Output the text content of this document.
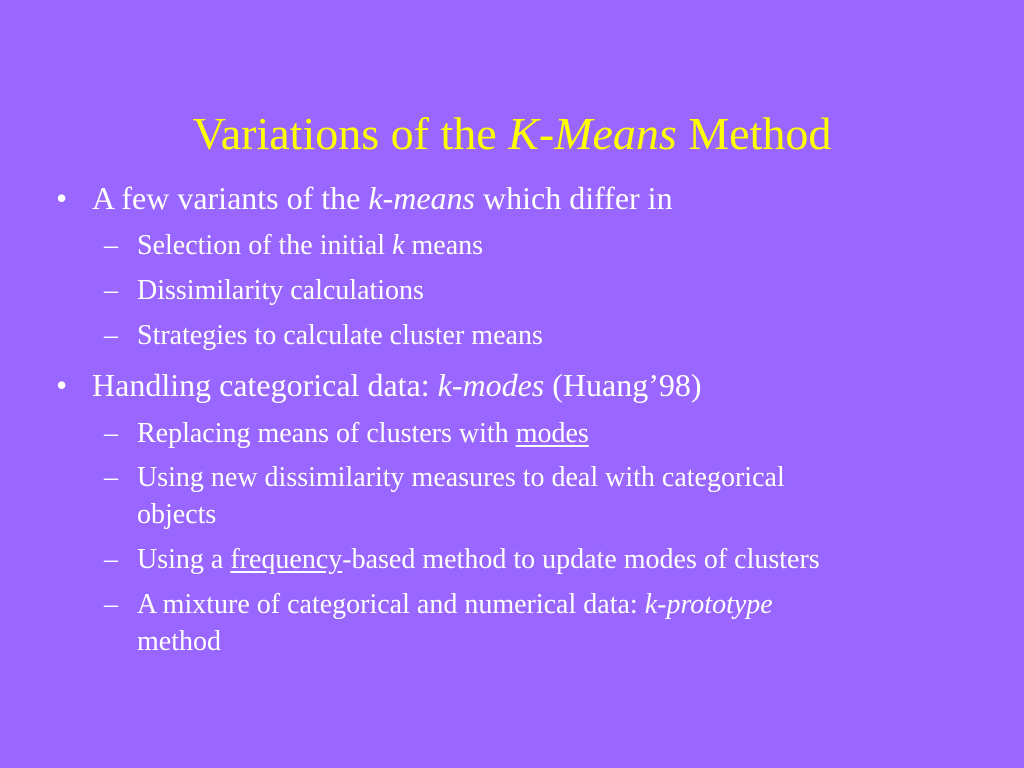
Variations of the K-Means Method
• A few variants of the k-means which differ in
– Selection of the initial k means
– Dissimilarity calculations
– Strategies to calculate cluster means
• Handling categorical data: k-modes (Huang’98)
– Replacing means of clusters with modes
– Using new dissimilarity measures to deal with categorical
objects
– Using a frequency-based method to update modes of clusters
– A mixture of categorical and numerical data: k-prototype
method
